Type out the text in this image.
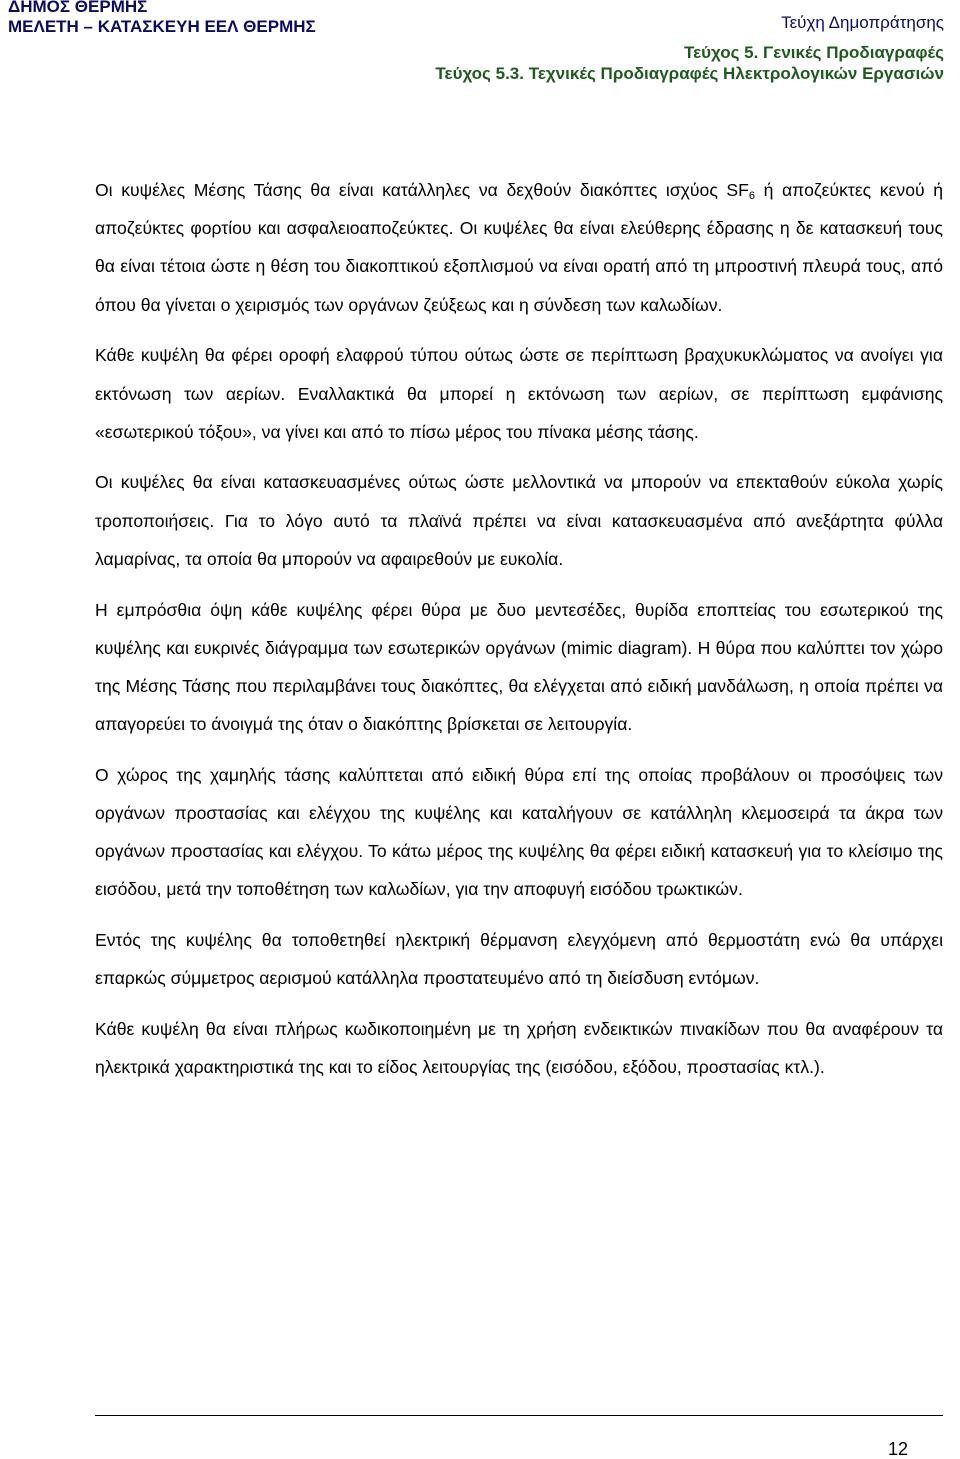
ΔΗΜΟΣ ΘΕΡΜΗΣ
ΜΕΛΕΤΗ – ΚΑΤΑΣΚΕΥΗ ΕΕΛ ΘΕΡΜΗΣ	Τεύχη Δημοπράτησης
Τεύχος 5. Γενικές Προδιαγραφές
Τεύχος 5.3. Τεχνικές Προδιαγραφές Ηλεκτρολογικών Εργασιών

Οι κυψέλες Μέσης Τάσης θα είναι κατάλληλες να δεχθούν διακόπτες ισχύος $SF_6$ ή αποζεύκτες κενού ή αποζεύκτες φορτίου και ασφαλειοαποζεύκτες. Οι κυψέλες θα είναι ελεύθερης έδρασης η δε κατασκευή τους θα είναι τέτοια ώστε η θέση του διακοπτικού εξοπλισμού να είναι ορατή από τη μπροστινή πλευρά τους, από όπου θα γίνεται ο χειρισμός των οργάνων ζεύξεως και η σύνδεση των καλωδίων.

Κάθε κυψέλη θα φέρει οροφή ελαφρού τύπου ούτως ώστε σε περίπτωση βραχυκυκλώματος να ανοίγει για εκτόνωση των αερίων. Εναλλακτικά θα μπορεί η εκτόνωση των αερίων, σε περίπτωση εμφάνισης «εσωτερικού τόξου», να γίνει και από το πίσω μέρος του πίνακα μέσης τάσης.

Οι κυψέλες θα είναι κατασκευασμένες ούτως ώστε μελλοντικά να μπορούν να επεκταθούν εύκολα χωρίς τροποποιήσεις. Για το λόγο αυτό τα πλαϊνά πρέπει να είναι κατασκευασμένα από ανεξάρτητα φύλλα λαμαρίνας, τα οποία θα μπορούν να αφαιρεθούν με ευκολία.

Η εμπρόσθια όψη κάθε κυψέλης φέρει θύρα με δυο μεντεσέδες, θυρίδα εποπτείας του εσωτερικού της κυψέλης και ευκρινές διάγραμμα των εσωτερικών οργάνων (mimic diagram). Η θύρα που καλύπτει τον χώρο της Μέσης Τάσης που περιλαμβάνει τους διακόπτες, θα ελέγχεται από ειδική μανδάλωση, η οποία πρέπει να απαγορεύει το άνοιγμά της όταν ο διακόπτης βρίσκεται σε λειτουργία.

Ο χώρος της χαμηλής τάσης καλύπτεται από ειδική θύρα επί της οποίας προβάλουν οι προσόψεις των οργάνων προστασίας και ελέγχου της κυψέλης και καταλήγουν σε κατάλληλη κλεμοσειρά τα άκρα των οργάνων προστασίας και ελέγχου. Το κάτω μέρος της κυψέλης θα φέρει ειδική κατασκευή για το κλείσιμο της εισόδου, μετά την τοποθέτηση των καλωδίων, για την αποφυγή εισόδου τρωκτικών.

Εντός της κυψέλης θα τοποθετηθεί ηλεκτρική θέρμανση ελεγχόμενη από θερμοστάτη ενώ θα υπάρχει επαρκώς σύμμετρος αερισμού κατάλληλα προστατευμένο από τη διείσδυση εντόμων.

Κάθε κυψέλη θα είναι πλήρως κωδικοποιημένη με τη χρήση ενδεικτικών πινακίδων που θα αναφέρουν τα ηλεκτρικά χαρακτηριστικά της και το είδος λειτουργίας της (εισόδου, εξόδου, προστασίας κτλ.).

12
